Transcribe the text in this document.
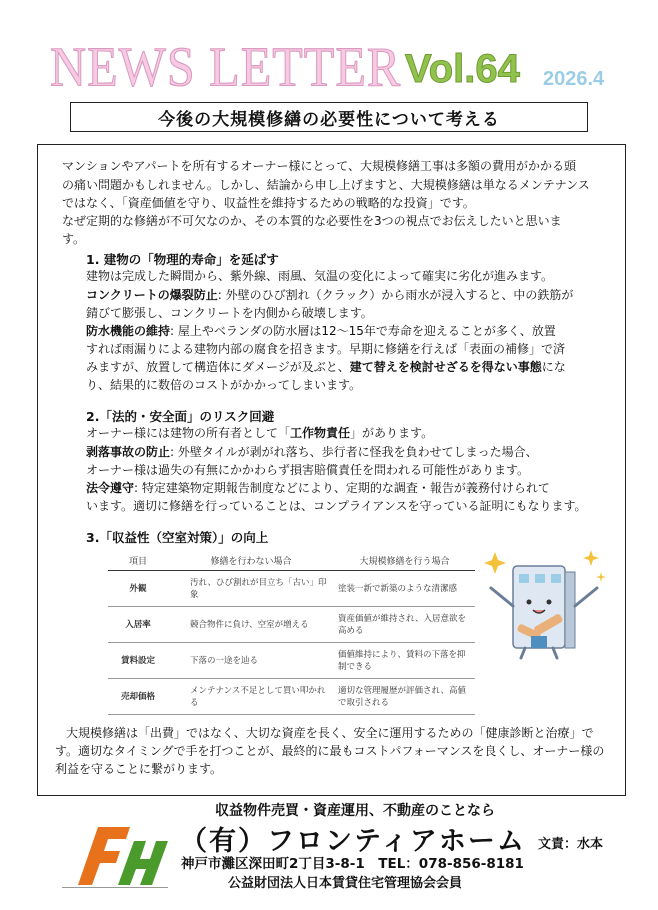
NEWS LETTER Vol.64 2026.4
今後の大規模修繕の必要性について考える
マンションやアパートを所有するオーナー様にとって、大規模修繕工事は多額の費用がかかる頭
の痛い問題かもしれません。しかし、結論から申し上げますと、大規模修繕は単なるメンテナンス
ではなく、「資産価値を守り、収益性を維持するための戦略的な投資」です。
なぜ定期的な修繕が不可欠なのか、その本質的な必要性を3つの視点でお伝えしたいと思いま
す。
1. 建物の「物理的寿命」を延ばす
建物は完成した瞬間から、紫外線、雨風、気温の変化によって確実に劣化が進みます。
コンクリートの爆裂防止: 外壁のひび割れ（クラック）から雨水が浸入すると、中の鉄筋が
錆びて膨張し、コンクリートを内側から破壊します。
防水機能の維持: 屋上やベランダの防水層は12～15年で寿命を迎えることが多く、放置
すれば雨漏りによる建物内部の腐食を招きます。早期に修繕を行えば「表面の補修」で済
みますが、放置して構造体にダメージが及ぶと、建て替えを検討せざるを得ない事態にな
り、結果的に数倍のコストがかかってしまいます。
2.「法的・安全面」のリスク回避
オーナー様には建物の所有者として「工作物責任」があります。
剥落事故の防止: 外壁タイルが剥がれ落ち、歩行者に怪我を負わせてしまった場合、
オーナー様は過失の有無にかかわらず損害賠償責任を問われる可能性があります。
法令遵守: 特定建築物定期報告制度などにより、定期的な調査・報告が義務付けられて
います。適切に修繕を行っていることは、コンプライアンスを守っている証明にもなります。
3.「収益性（空室対策）」の向上
項目	修繕を行わない場合	大規模修繕を行う場合
外観	汚れ、ひび割れが目立ち「古い」印象	塗装一新で新築のような清潔感
入居率	競合物件に負け、空室が増える	資産価値が維持され、入居意欲を高める
賃料設定	下落の一途を辿る	価値維持により、賃料の下落を抑制できる
売却価格	メンテナンス不足として買い叩かれる	適切な管理履歴が評価され、高値で取引される
大規模修繕は「出費」ではなく、大切な資産を長く、安全に運用するための「健康診断と治療」で
す。適切なタイミングで手を打つことが、最終的に最もコストパフォーマンスを良くし、オーナー様の
利益を守ることに繋がります。
収益物件売買・資産運用、不動産のことなら
（有）フロンティアホーム 文責：水本
神戸市灘区深田町2丁目3-8-1　TEL：078-856-8181
公益財団法人日本賃貸住宅管理協会会員
